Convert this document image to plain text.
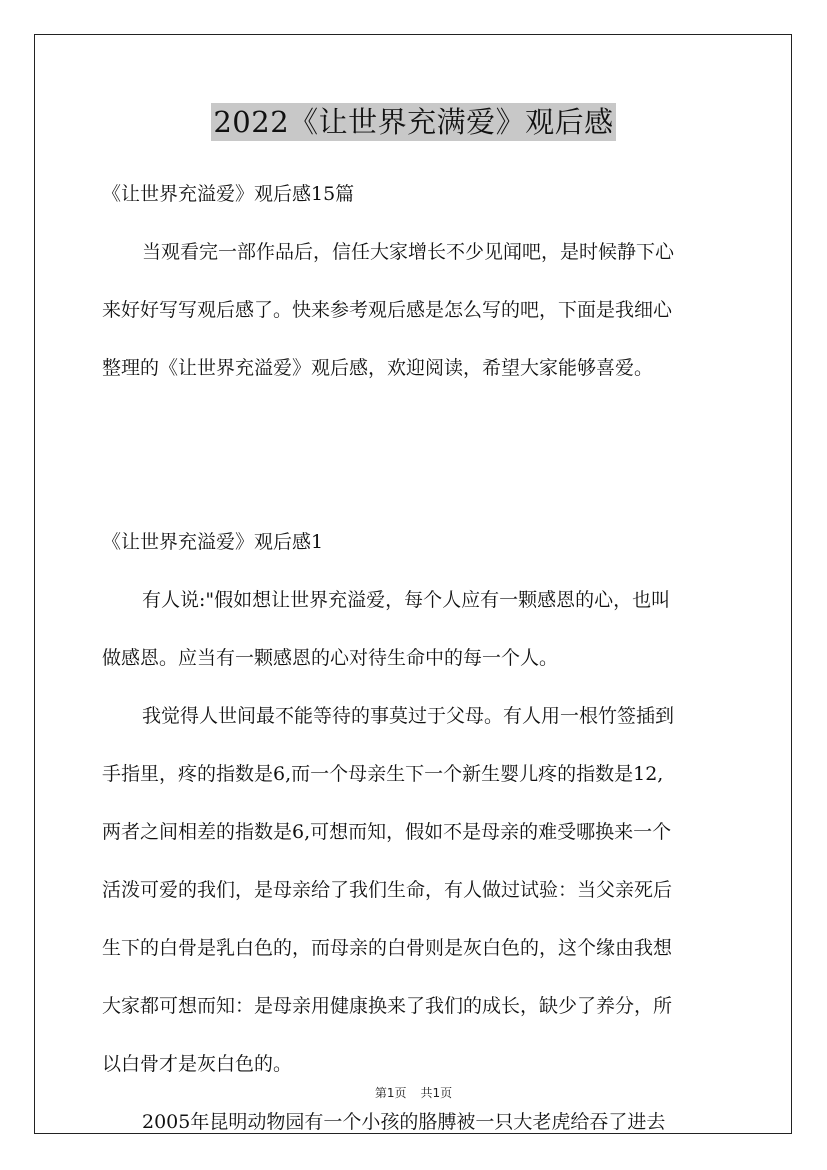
2022《让世界充满爱》观后感
《让世界充溢爱》观后感15篇
当观看完一部作品后，信任大家增长不少见闻吧，是时候静下心
来好好写写观后感了。快来参考观后感是怎么写的吧，下面是我细心
整理的《让世界充溢爱》观后感，欢迎阅读，希望大家能够喜爱。
《让世界充溢爱》观后感1
有人说:"假如想让世界充溢爱，每个人应有一颗感恩的心，也叫
做感恩。应当有一颗感恩的心对待生命中的每一个人。
我觉得人世间最不能等待的事莫过于父母。有人用一根竹签插到
手指里，疼的指数是6,而一个母亲生下一个新生婴儿疼的指数是12,
两者之间相差的指数是6,可想而知，假如不是母亲的难受哪换来一个
活泼可爱的我们，是母亲给了我们生命，有人做过试验：当父亲死后
生下的白骨是乳白色的，而母亲的白骨则是灰白色的，这个缘由我想
大家都可想而知：是母亲用健康换来了我们的成长，缺少了养分，所
以白骨才是灰白色的。
2005年昆明动物园有一个小孩的胳膊被一只大老虎给吞了进去
第1页 共1页
